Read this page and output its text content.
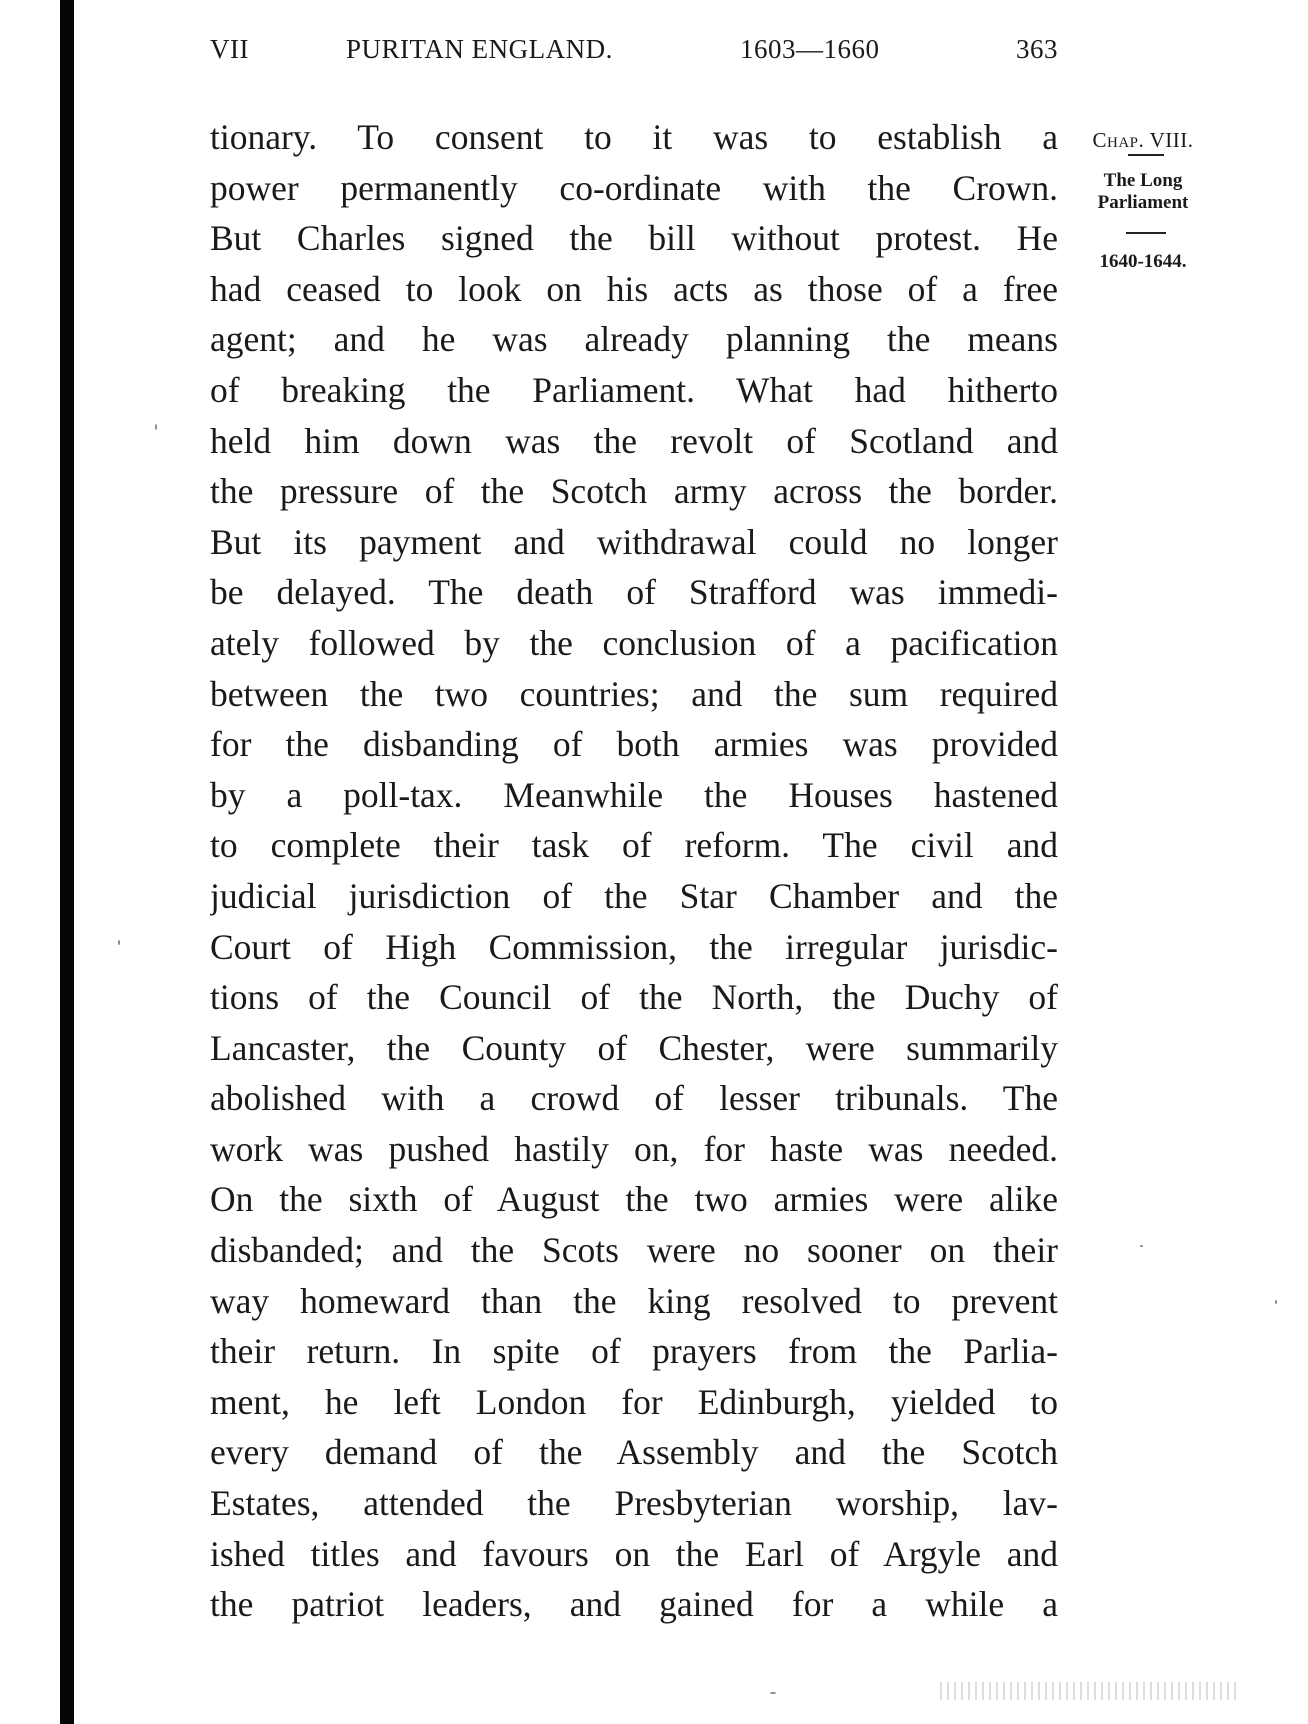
VII	PURITAN ENGLAND.	1603—1660	363
Chap. VIII.
The Long
Parliament
1640-1644.
tionary. To consent to it was to establish a
power permanently co-ordinate with the Crown.
But Charles signed the bill without protest. He
had ceased to look on his acts as those of a free
agent; and he was already planning the means
of breaking the Parliament. What had hitherto
held him down was the revolt of Scotland and
the pressure of the Scotch army across the border.
But its payment and withdrawal could no longer
be delayed. The death of Strafford was immedi-
ately followed by the conclusion of a pacification
between the two countries; and the sum required
for the disbanding of both armies was provided
by a poll-tax. Meanwhile the Houses hastened
to complete their task of reform. The civil and
judicial jurisdiction of the Star Chamber and the
Court of High Commission, the irregular jurisdic-
tions of the Council of the North, the Duchy of
Lancaster, the County of Chester, were summarily
abolished with a crowd of lesser tribunals. The
work was pushed hastily on, for haste was needed.
On the sixth of August the two armies were alike
disbanded; and the Scots were no sooner on their
way homeward than the king resolved to prevent
their return. In spite of prayers from the Parlia-
ment, he left London for Edinburgh, yielded to
every demand of the Assembly and the Scotch
Estates, attended the Presbyterian worship, lav-
ished titles and favours on the Earl of Argyle and
the patriot leaders, and gained for a while a
